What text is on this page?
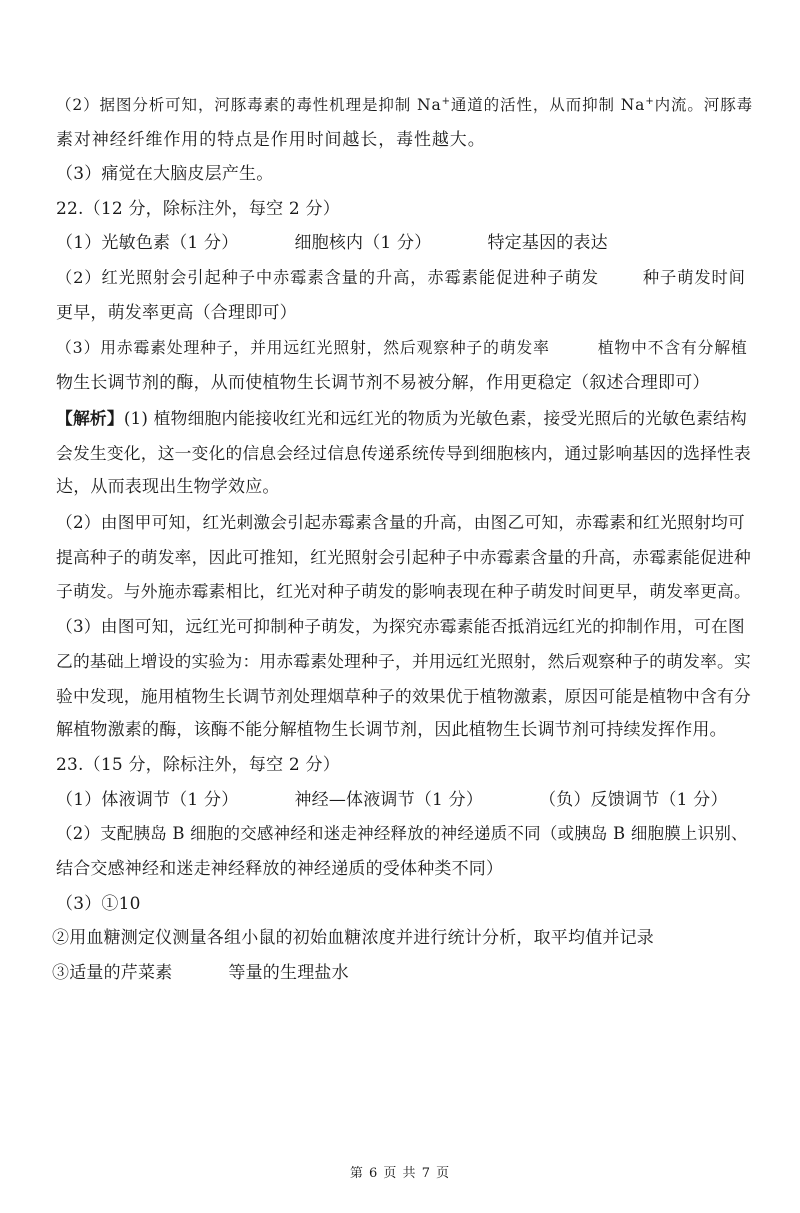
（2）据图分析可知，河豚毒素的毒性机理是抑制 Na+通道的活性，从而抑制 Na+内流。河豚毒
素对神经纤维作用的特点是作用时间越长，毒性越大。
（3）痛觉在大脑皮层产生。
22.（12 分，除标注外，每空 2 分）
（1）光敏色素（1 分）	细胞核内（1 分）	特定基因的表达
（2）红光照射会引起种子中赤霉素含量的升高，赤霉素能促进种子萌发	种子萌发时间
更早，萌发率更高（合理即可）
（3）用赤霉素处理种子，并用远红光照射，然后观察种子的萌发率	植物中不含有分解植
物生长调节剂的酶，从而使植物生长调节剂不易被分解，作用更稳定（叙述合理即可）
【解析】(1) 植物细胞内能接收红光和远红光的物质为光敏色素，接受光照后的光敏色素结构
会发生变化，这一变化的信息会经过信息传递系统传导到细胞核内，通过影响基因的选择性表
达，从而表现出生物学效应。
（2）由图甲可知，红光刺激会引起赤霉素含量的升高，由图乙可知，赤霉素和红光照射均可
提高种子的萌发率，因此可推知，红光照射会引起种子中赤霉素含量的升高，赤霉素能促进种
子萌发。与外施赤霉素相比，红光对种子萌发的影响表现在种子萌发时间更早，萌发率更高。
（3）由图可知，远红光可抑制种子萌发，为探究赤霉素能否抵消远红光的抑制作用，可在图
乙的基础上增设的实验为：用赤霉素处理种子，并用远红光照射，然后观察种子的萌发率。实
验中发现，施用植物生长调节剂处理烟草种子的效果优于植物激素，原因可能是植物中含有分
解植物激素的酶，该酶不能分解植物生长调节剂，因此植物生长调节剂可持续发挥作用。
23.（15 分，除标注外，每空 2 分）
（1）体液调节（1 分）	神经—体液调节（1 分）	（负）反馈调节（1 分）
（2）支配胰岛 B 细胞的交感神经和迷走神经释放的神经递质不同（或胰岛 B 细胞膜上识别、
结合交感神经和迷走神经释放的神经递质的受体种类不同）
（3）①10
②用血糖测定仪测量各组小鼠的初始血糖浓度并进行统计分析，取平均值并记录
③适量的芹菜素	等量的生理盐水
第 6 页 共 7 页
